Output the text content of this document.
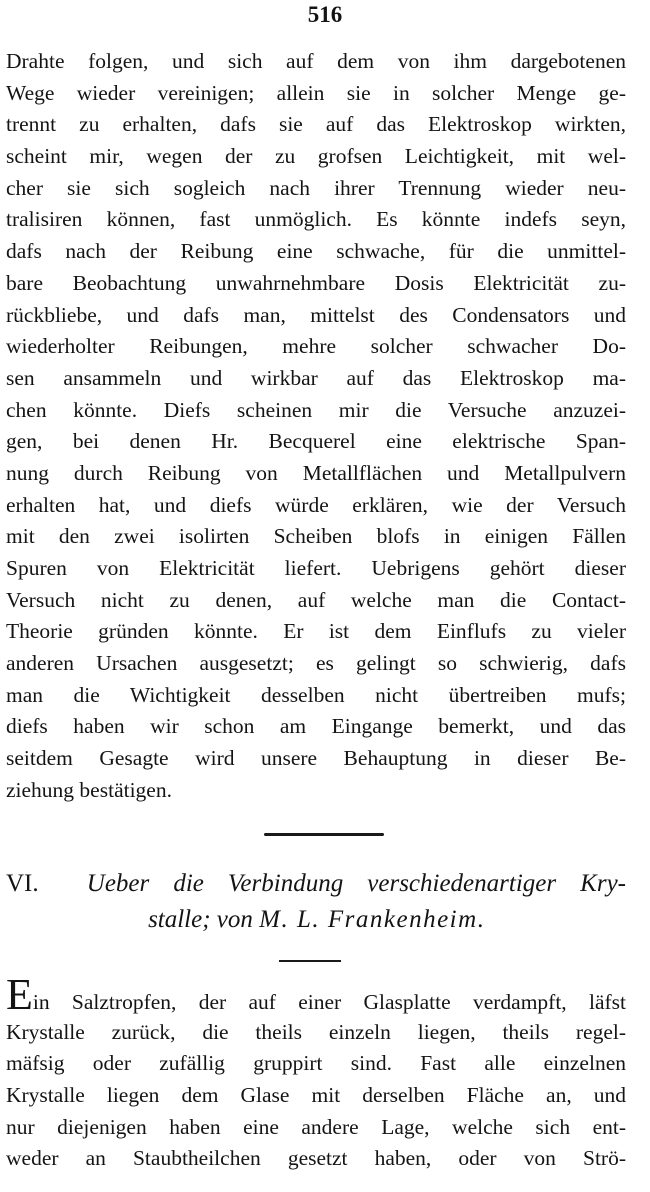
516
Drahte folgen, und sich auf dem von ihm dargebotenen
Wege wieder vereinigen; allein sie in solcher Menge ge-
trennt zu erhalten, dafs sie auf das Elektroskop wirkten,
scheint mir, wegen der zu grofsen Leichtigkeit, mit wel-
cher sie sich sogleich nach ihrer Trennung wieder neu-
tralisiren können, fast unmöglich. Es könnte indefs seyn,
dafs nach der Reibung eine schwache, für die unmittel-
bare Beobachtung unwahrnehmbare Dosis Elektricität zu-
rückbliebe, und dafs man, mittelst des Condensators und
wiederholter Reibungen, mehre solcher schwacher Do-
sen ansammeln und wirkbar auf das Elektroskop ma-
chen könnte. Diefs scheinen mir die Versuche anzuzei-
gen, bei denen Hr. Becquerel eine elektrische Span-
nung durch Reibung von Metallflächen und Metallpulvern
erhalten hat, und diefs würde erklären, wie der Versuch
mit den zwei isolirten Scheiben blofs in einigen Fällen
Spuren von Elektricität liefert. Uebrigens gehört dieser
Versuch nicht zu denen, auf welche man die Contact-
Theorie gründen könnte. Er ist dem Einflufs zu vieler
anderen Ursachen ausgesetzt; es gelingt so schwierig, dafs
man die Wichtigkeit desselben nicht übertreiben mufs;
diefs haben wir schon am Eingange bemerkt, und das
seitdem Gesagte wird unsere Behauptung in dieser Be-
ziehung bestätigen.
VI. Ueber die Verbindung verschiedenartiger Kry-
stalle; von M. L. Frankenheim.
Ein Salztropfen, der auf einer Glasplatte verdampft, läfst
Krystalle zurück, die theils einzeln liegen, theils regel-
mäfsig oder zufällig gruppirt sind. Fast alle einzelnen
Krystalle liegen dem Glase mit derselben Fläche an, und
nur diejenigen haben eine andere Lage, welche sich ent-
weder an Staubtheilchen gesetzt haben, oder von Strö-
